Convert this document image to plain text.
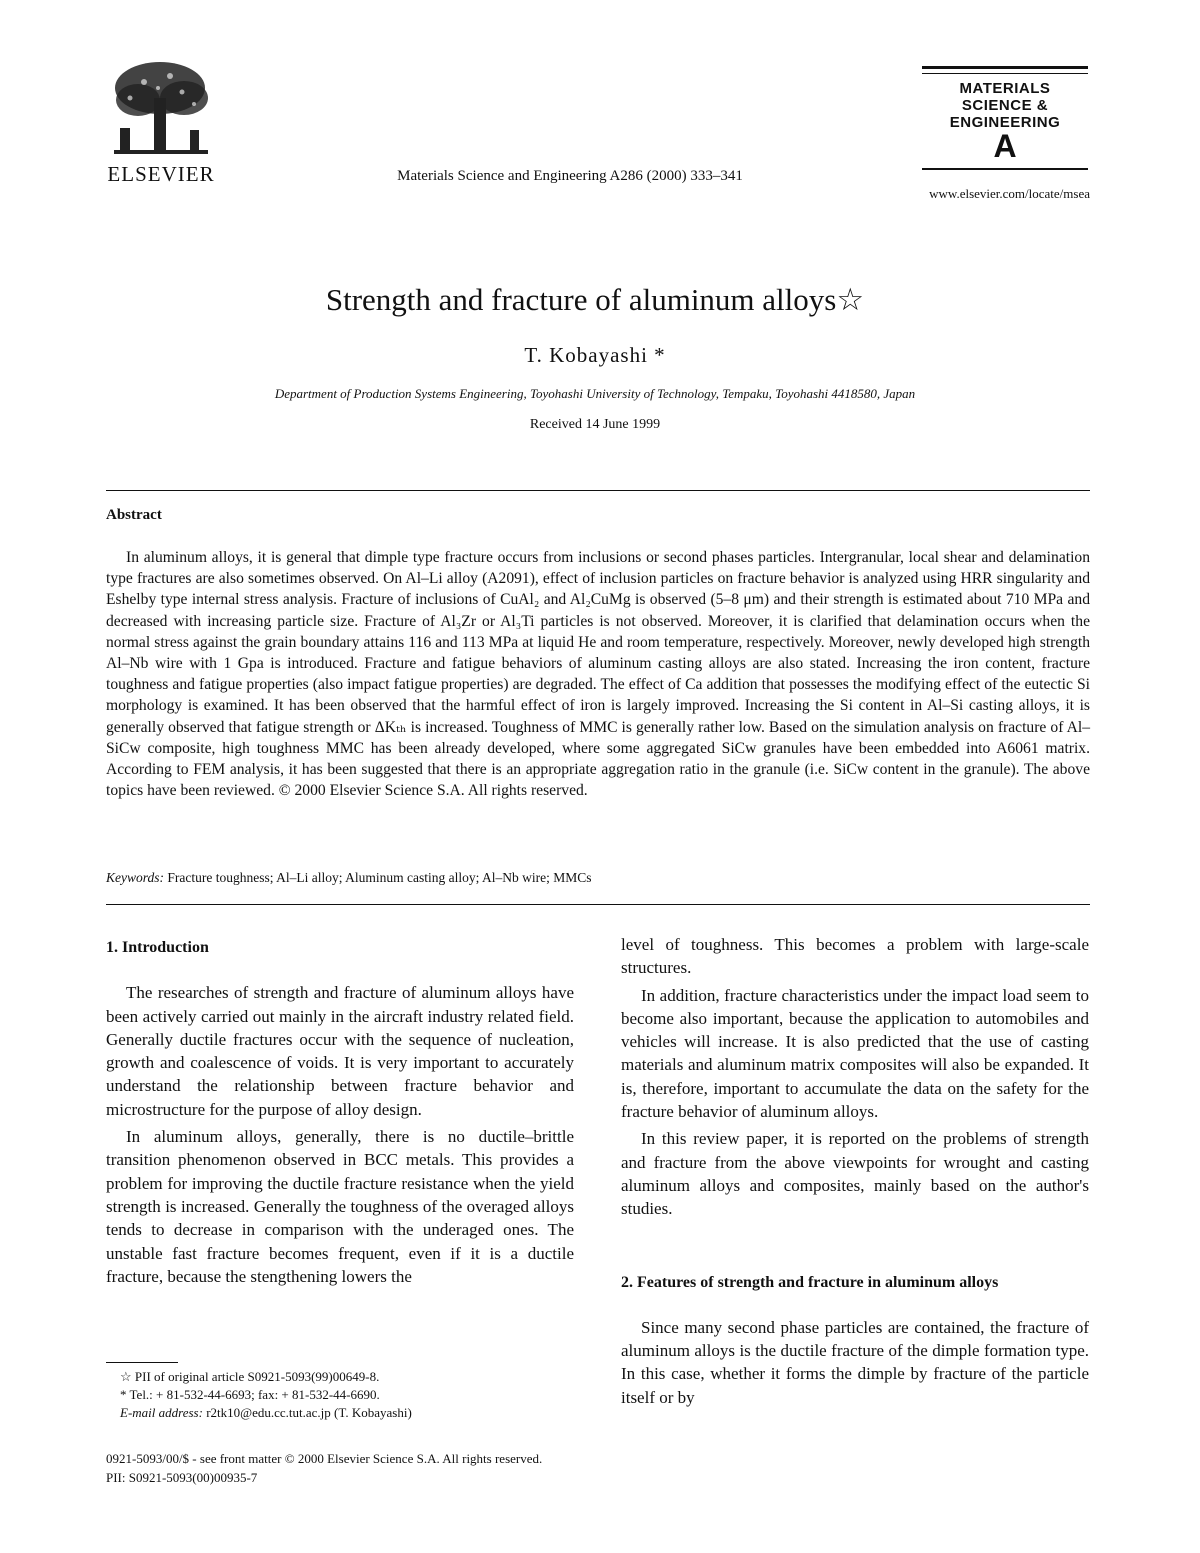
ELSEVIER	Materials Science and Engineering A286 (2000) 333–341
MATERIALS
SCIENCE &
ENGINEERING
A
www.elsevier.com/locate/msea
Strength and fracture of aluminum alloys☆
T. Kobayashi *
Department of Production Systems Engineering, Toyohashi University of Technology, Tempaku, Toyohashi 4418580, Japan
Received 14 June 1999
Abstract

In aluminum alloys, it is general that dimple type fracture occurs from inclusions or second phases particles. Intergranular, local shear and delamination type fractures are also sometimes observed. On Al–Li alloy (A2091), effect of inclusion particles on fracture behavior is analyzed using HRR singularity and Eshelby type internal stress analysis. Fracture of inclusions of CuAl₂ and Al₂CuMg is observed (5–8 μm) and their strength is estimated about 710 MPa and decreased with increasing particle size. Fracture of Al₃Zr or Al₃Ti particles is not observed. Moreover, it is clarified that delamination occurs when the normal stress against the grain boundary attains 116 and 113 MPa at liquid He and room temperature, respectively. Moreover, newly developed high strength Al–Nb wire with 1 Gpa is introduced. Fracture and fatigue behaviors of aluminum casting alloys are also stated. Increasing the iron content, fracture toughness and fatigue properties (also impact fatigue properties) are degraded. The effect of Ca addition that possesses the modifying effect of the eutectic Si morphology is examined. It has been observed that the harmful effect of iron is largely improved. Increasing the Si content in Al–Si casting alloys, it is generally observed that fatigue strength or ΔKₜₕ is increased. Toughness of MMC is generally rather low. Based on the simulation analysis on fracture of Al–SiCw composite, high toughness MMC has been already developed, where some aggregated SiCw granules have been embedded into A6061 matrix. According to FEM analysis, it has been suggested that there is an appropriate aggregation ratio in the granule (i.e. SiCw content in the granule). The above topics have been reviewed. © 2000 Elsevier Science S.A. All rights reserved.

Keywords: Fracture toughness; Al–Li alloy; Aluminum casting alloy; Al–Nb wire; MMCs
1. Introduction

The researches of strength and fracture of aluminum alloys have been actively carried out mainly in the aircraft industry related field. Generally ductile fractures occur with the sequence of nucleation, growth and coalescence of voids. It is very important to accurately understand the relationship between fracture behavior and microstructure for the purpose of alloy design.

In aluminum alloys, generally, there is no ductile–brittle transition phenomenon observed in BCC metals. This provides a problem for improving the ductile fracture resistance when the yield strength is increased. Generally the toughness of the overaged alloys tends to decrease in comparison with the underaged ones. The unstable fast fracture becomes frequent, even if it is a ductile fracture, because the stengthening lowers the

level of toughness. This becomes a problem with large-scale structures.

In addition, fracture characteristics under the impact load seem to become also important, because the application to automobiles and vehicles will increase. It is also predicted that the use of casting materials and aluminum matrix composites will also be expanded. It is, therefore, important to accumulate the data on the safety for the fracture behavior of aluminum alloys.

In this review paper, it is reported on the problems of strength and fracture from the above viewpoints for wrought and casting aluminum alloys and composites, mainly based on the author's studies.

2. Features of strength and fracture in aluminum alloys

Since many second phase particles are contained, the fracture of aluminum alloys is the ductile fracture of the dimple formation type. In this case, whether it forms the dimple by fracture of the particle itself or by

☆ PII of original article S0921-5093(99)00649-8.
* Tel.: + 81-532-44-6693; fax: + 81-532-44-6690.
E-mail address: r2tk10@edu.cc.tut.ac.jp (T. Kobayashi)
0921-5093/00/$ - see front matter © 2000 Elsevier Science S.A. All rights reserved.
PII: S0921-5093(00)00935-7
